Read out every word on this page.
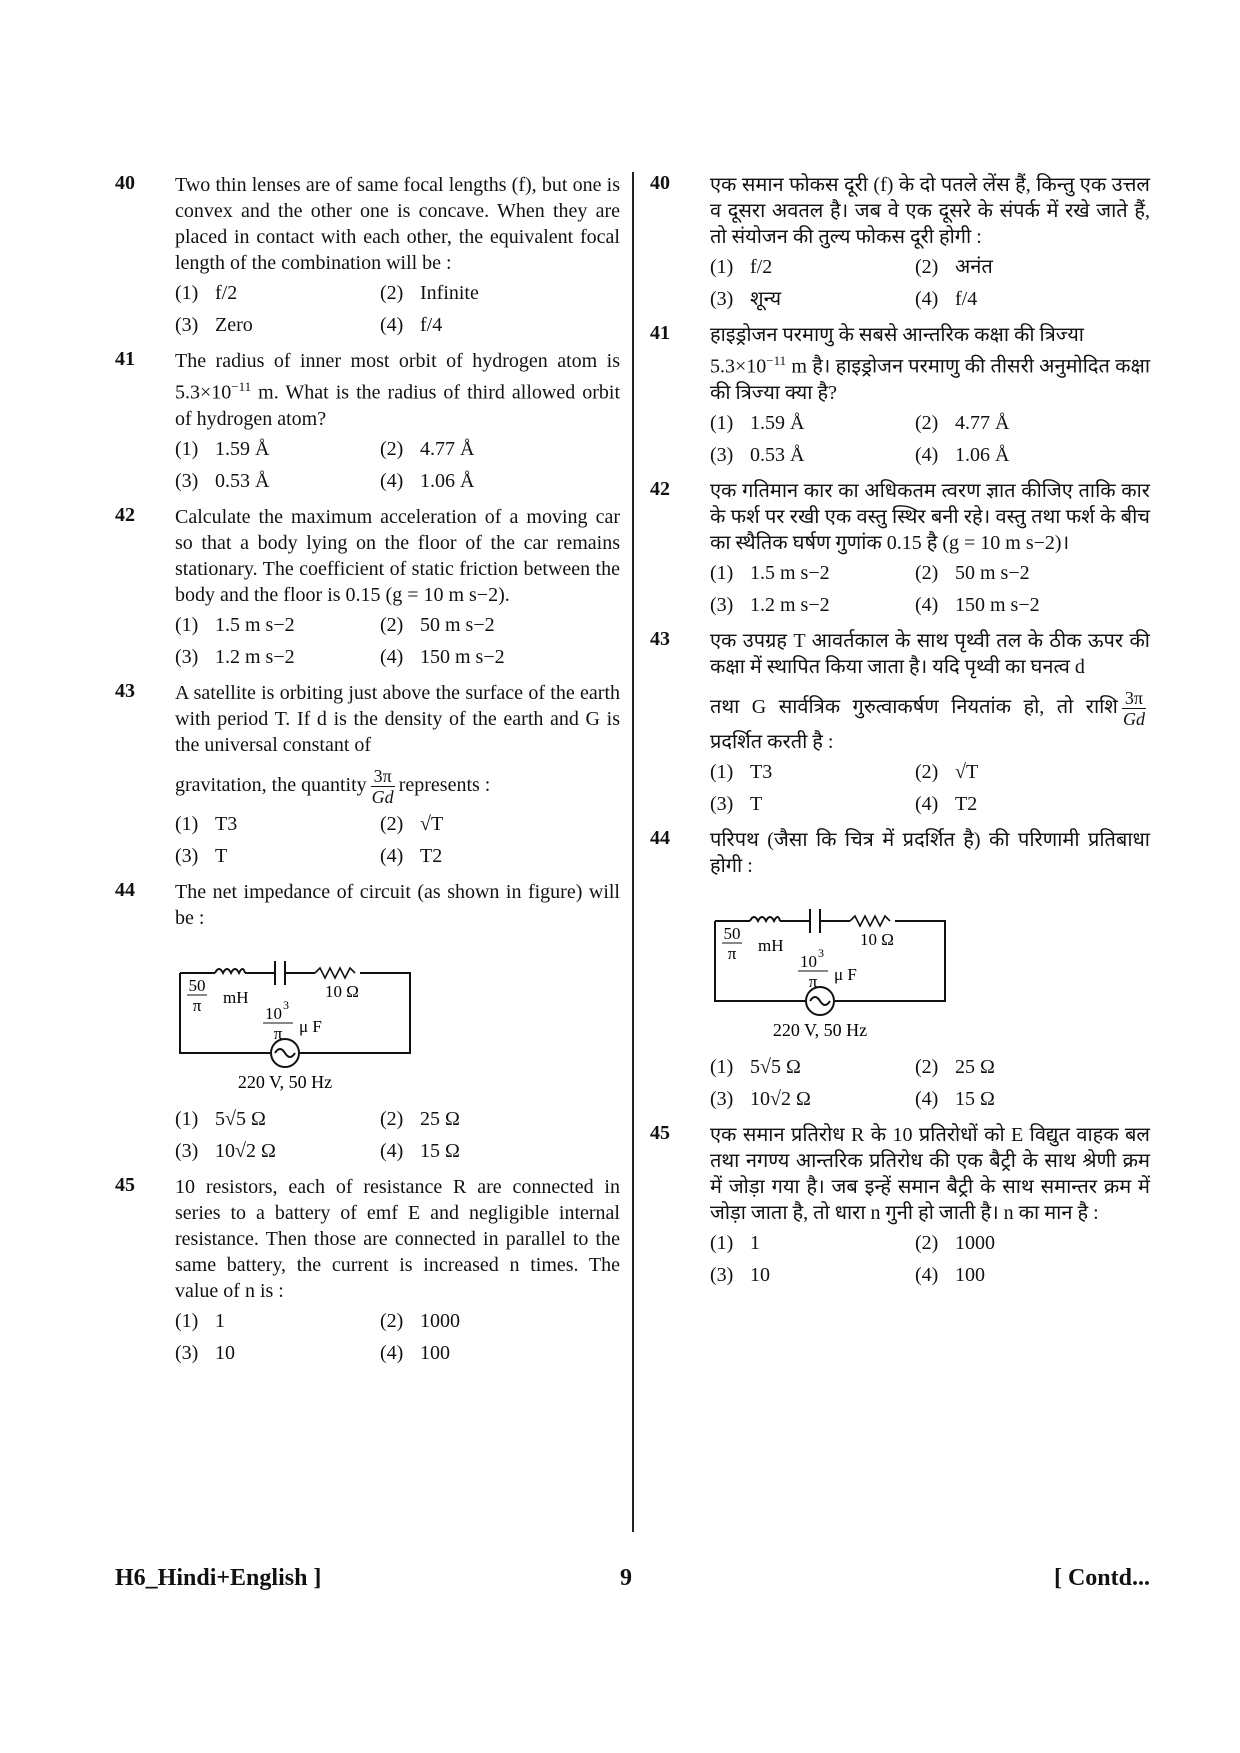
40 Two thin lenses are of same focal lengths (f), but one is convex and the other one is concave. When they are placed in contact with each other, the equivalent focal length of the combination will be :
(1) f/2	(2) Infinite
(3) Zero	(4) f/4
41 The radius of inner most orbit of hydrogen atom is $5.3\times 10^{-11}$ m. What is the radius of third allowed orbit of hydrogen atom?
(1) 1.59 Å	(2) 4.77 Å
(3) 0.53 Å	(4) 1.06 Å
42 Calculate the maximum acceleration of a moving car so that a body lying on the floor of the car remains stationary. The coefficient of static friction between the body and the floor is 0.15 (g = 10 m s−2).
(1) 1.5 m s−2	(2) 50 m s−2
(3) 1.2 m s−2	(4) 150 m s−2
43 A satellite is orbiting just above the surface of the earth with period T. If d is the density of the earth and G is the universal constant of
gravitation, the quantity $\frac{3\pi}{Gd}$ represents :
(1) T3	(2) √T
(3) T	(4) T2
44 The net impedance of circuit (as shown in figure) will be :
50
π mH	10 Ω
10 3
π μ F
220 V, 50 Hz
(1) 5√5 Ω	(2) 25 Ω
(3) 10√2 Ω	(4) 15 Ω
45 10 resistors, each of resistance R are connected in series to a battery of emf E and negligible internal resistance. Then those are connected in parallel to the same battery, the current is increased n times. The value of n is :
(1) 1	(2) 1000
(3) 10	(4) 100
40 एक समान फोकस दूरी (f) के दो पतले लेंस हैं, किन्तु एक उत्तल व दूसरा अवतल है। जब वे एक दूसरे के संपर्क में रखे जाते हैं, तो संयोजन की तुल्य फोकस दूरी होगी :
(1) f/2	(2) अनंत
(3) शून्य	(4) f/4
41 हाइड्रोजन परमाणु के सबसे आन्तरिक कक्षा की त्रिज्या
$5.3\times 10^{-11}$ m है। हाइड्रोजन परमाणु की तीसरी अनुमोदित कक्षा की त्रिज्या क्या है?
(1) 1.59 Å	(2) 4.77 Å
(3) 0.53 Å	(4) 1.06 Å
42 एक गतिमान कार का अधिकतम त्वरण ज्ञात कीजिए ताकि कार के फर्श पर रखी एक वस्तु स्थिर बनी रहे। वस्तु तथा फर्श के बीच का स्थैतिक घर्षण गुणांक 0.15 है (g = 10 m s−2)।
(1) 1.5 m s−2	(2) 50 m s−2
(3) 1.2 m s−2	(4) 150 m s−2
43 एक उपग्रह T आवर्तकाल के साथ पृथ्वी तल के ठीक ऊपर की कक्षा में स्थापित किया जाता है। यदि पृथ्वी का घनत्व d
तथा G सार्वत्रिक गुरुत्वाकर्षण नियतांक हो, तो राशि $\frac{3\pi}{Gd}$
प्रदर्शित करती है :
(1) T3	(2) √T
(3) T	(4) T2
44 परिपथ (जैसा कि चित्र में प्रदर्शित है) की परिणामी प्रतिबाधा होगी :
50
π mH	10 Ω
10 3
π μ F
220 V, 50 Hz
(1) 5√5 Ω	(2) 25 Ω
(3) 10√2 Ω	(4) 15 Ω
45 एक समान प्रतिरोध R के 10 प्रतिरोधों को E विद्युत वाहक बल तथा नगण्य आन्तरिक प्रतिरोध की एक बैट्री के साथ श्रेणी क्रम में जोड़ा गया है। जब इन्हें समान बैट्री के साथ समान्तर क्रम में जोड़ा जाता है, तो धारा n गुनी हो जाती है। n का मान है :
(1) 1	(2) 1000
(3) 10	(4) 100
H6_Hindi+English ]	9	[ Contd...
